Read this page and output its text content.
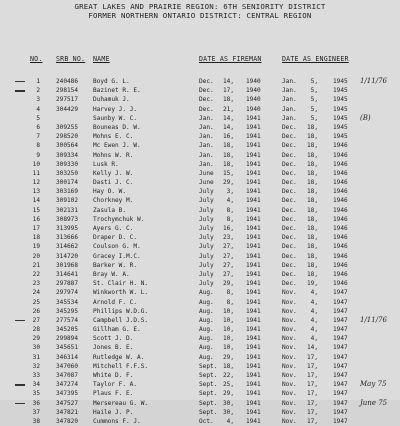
GREAT LAKES AND PRAIRIE REGION: 6TH SENIORITY DISTRICT
FORMER NORTHERN ONTARIO DISTRICT: CENTRAL REGION
NO. SRB NO. NAME	DATE AS FIREMAN	DATE AS ENGINEER
1	240486 Boyd G. L.	Dec. 14, 1940	Jan.	5, 1945 1/11/76
2	298154 Bazinet R. E.	Dec. 17, 1940	Jan.	5, 1945
3	297517 Duhamuk J.	Dec. 18, 1940	Jan.	5, 1945
4	304429 Harvey J. J.	Dec. 21, 1940	Jan.	5, 1945
5	Saunby W. C.	Jan. 14, 1941	Jan.	5, 1945 (B)
6	309255 Bouneas D. W.	Jan. 14, 1941	Dec. 18, 1945
7	298520 Mohns E. C.	Jan. 16, 1941	Dec. 18, 1945
8	300564 Mc Ewen J. W.	Jan. 18, 1941	Dec. 18, 1946
9	309334 Mohns W. R.	Jan. 18, 1941	Dec. 18, 1946
10	309330 Lusk R.	Jan. 18, 1941	Dec. 18, 1946
11	303250 Kelly J. W.	June 15, 1941	Dec. 18, 1946
12	300174 Dasti J. C.	June 29, 1941	Dec. 18, 1946
13	303169 Hay O. W.	July	3, 1941	Dec. 18, 1946
14	309102 Chorkney M.	July	4, 1941	Dec. 18, 1946
15	302131 Zasula B.	July	8, 1941	Dec. 18, 1946
16	308973 Trochymchuk W.	July	8, 1941	Dec. 18, 1946
17	313995 Ayers G. C.	July 16, 1941	Dec. 18, 1946
18	313666 Draper D. C.	July 23, 1941	Dec. 18, 1946
19	314662 Coulson G. M.	July 27, 1941	Dec. 18, 1946
20	314720 Gracey I.M.C.	July 27, 1941	Dec. 18, 1946
21	301968 Barker W. R.	July 27, 1941	Dec. 18, 1946
22	314641 Bray W. A.	July 27, 1941	Dec. 18, 1946
23	297887 St. Clair H. N.	July 29, 1941	Dec. 19, 1946
24	297974 Winkworth W. L.	Aug.	8, 1941	Nov.	4, 1947
25	345534 Arnold F. C.	Aug.	8, 1941	Nov.	4, 1947
26	345295 Phillips W.D.G.	Aug. 10, 1941	Nov.	4, 1947
27	277574 Campbell J.D.S.	Aug. 10, 1941	Nov.	4, 1947 1/11/76
28	345205 Gillham G. E.	Aug. 10, 1941	Nov.	4, 1947
29	299894 Scott J. D.	Aug. 10, 1941	Nov.	4, 1947
30	345651 Jones B. E.	Aug. 10, 1941	Nov. 14, 1947
31	346314 Rutledge W. A.	Aug. 29, 1941	Nov. 17, 1947
32	347060 Mitchell F.F.S.	Sept. 18, 1941	Nov. 17, 1947
33	347087 White D. F.	Sept. 22, 1941	Nov. 17, 1947
34	347274 Taylor F. A.	Sept. 25, 1941	Nov. 17, 1947 May 75
35	347395 Plaus F. E.	Sept. 29, 1941	Nov. 17, 1947
36	347527 Mersereau G. W.	Sept. 30, 1941	Nov. 17, 1947 June 75
37	347821 Haile J. P.	Sept. 30, 1941	Nov. 17, 1947
38	347820 Cummons F. J.	Oct.	4, 1941	Nov. 17, 1947
